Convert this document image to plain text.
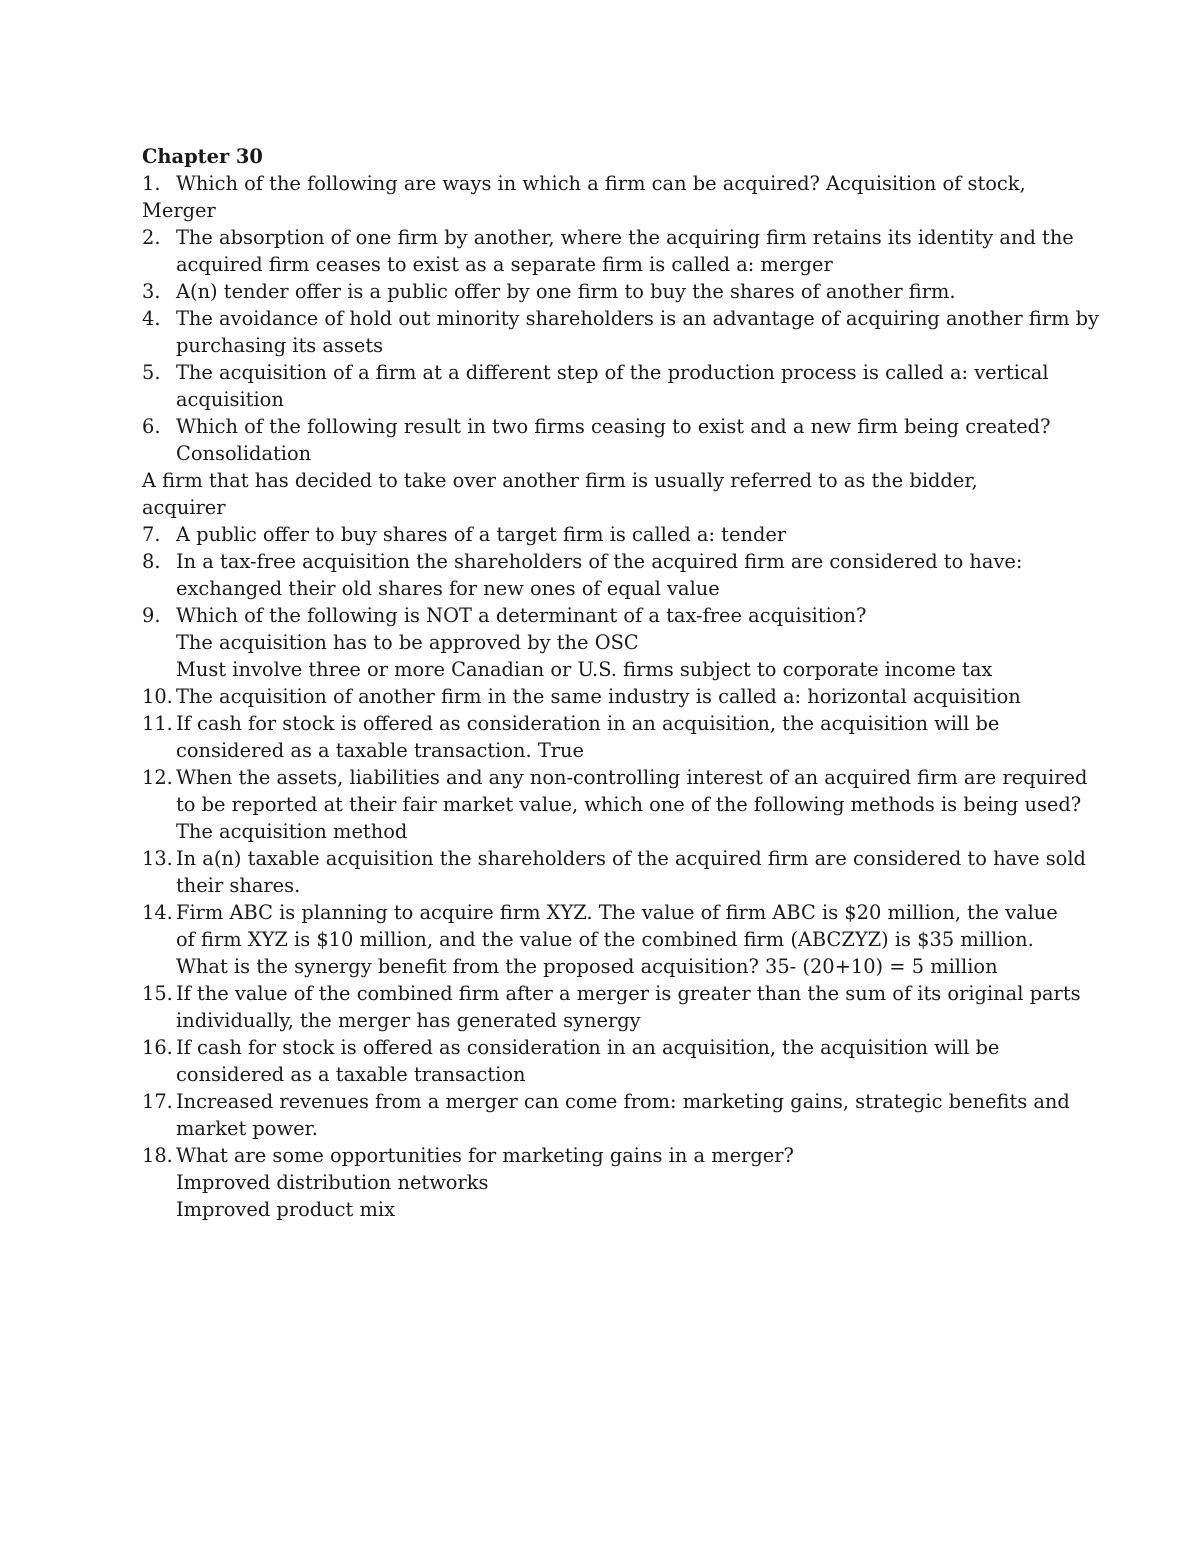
Chapter 30
1. Which of the following are ways in which a firm can be acquired? Acquisition of stock,
Merger
2. The absorption of one firm by another, where the acquiring firm retains its identity and the
acquired firm ceases to exist as a separate firm is called a: merger
3. A(n) tender offer is a public offer by one firm to buy the shares of another firm.
4. The avoidance of hold out minority shareholders is an advantage of acquiring another firm by
purchasing its assets
5. The acquisition of a firm at a different step of the production process is called a: vertical
acquisition
6. Which of the following result in two firms ceasing to exist and a new firm being created?
Consolidation
A firm that has decided to take over another firm is usually referred to as the bidder,
acquirer
7. A public offer to buy shares of a target firm is called a: tender
8. In a tax-free acquisition the shareholders of the acquired firm are considered to have:
exchanged their old shares for new ones of equal value
9. Which of the following is NOT a determinant of a tax-free acquisition?
The acquisition has to be approved by the OSC
Must involve three or more Canadian or U.S. firms subject to corporate income tax
10. The acquisition of another firm in the same industry is called a: horizontal acquisition
11. If cash for stock is offered as consideration in an acquisition, the acquisition will be
considered as a taxable transaction. True
12. When the assets, liabilities and any non-controlling interest of an acquired firm are required
to be reported at their fair market value, which one of the following methods is being used?
The acquisition method
13. In a(n) taxable acquisition the shareholders of the acquired firm are considered to have sold
their shares.
14. Firm ABC is planning to acquire firm XYZ. The value of firm ABC is $20 million, the value
of firm XYZ is $10 million, and the value of the combined firm (ABCZYZ) is $35 million.
What is the synergy benefit from the proposed acquisition? 35- (20+10) = 5 million
15. If the value of the combined firm after a merger is greater than the sum of its original parts
individually, the merger has generated synergy
16. If cash for stock is offered as consideration in an acquisition, the acquisition will be
considered as a taxable transaction
17. Increased revenues from a merger can come from: marketing gains, strategic benefits and
market power.
18. What are some opportunities for marketing gains in a merger?
Improved distribution networks
Improved product mix
